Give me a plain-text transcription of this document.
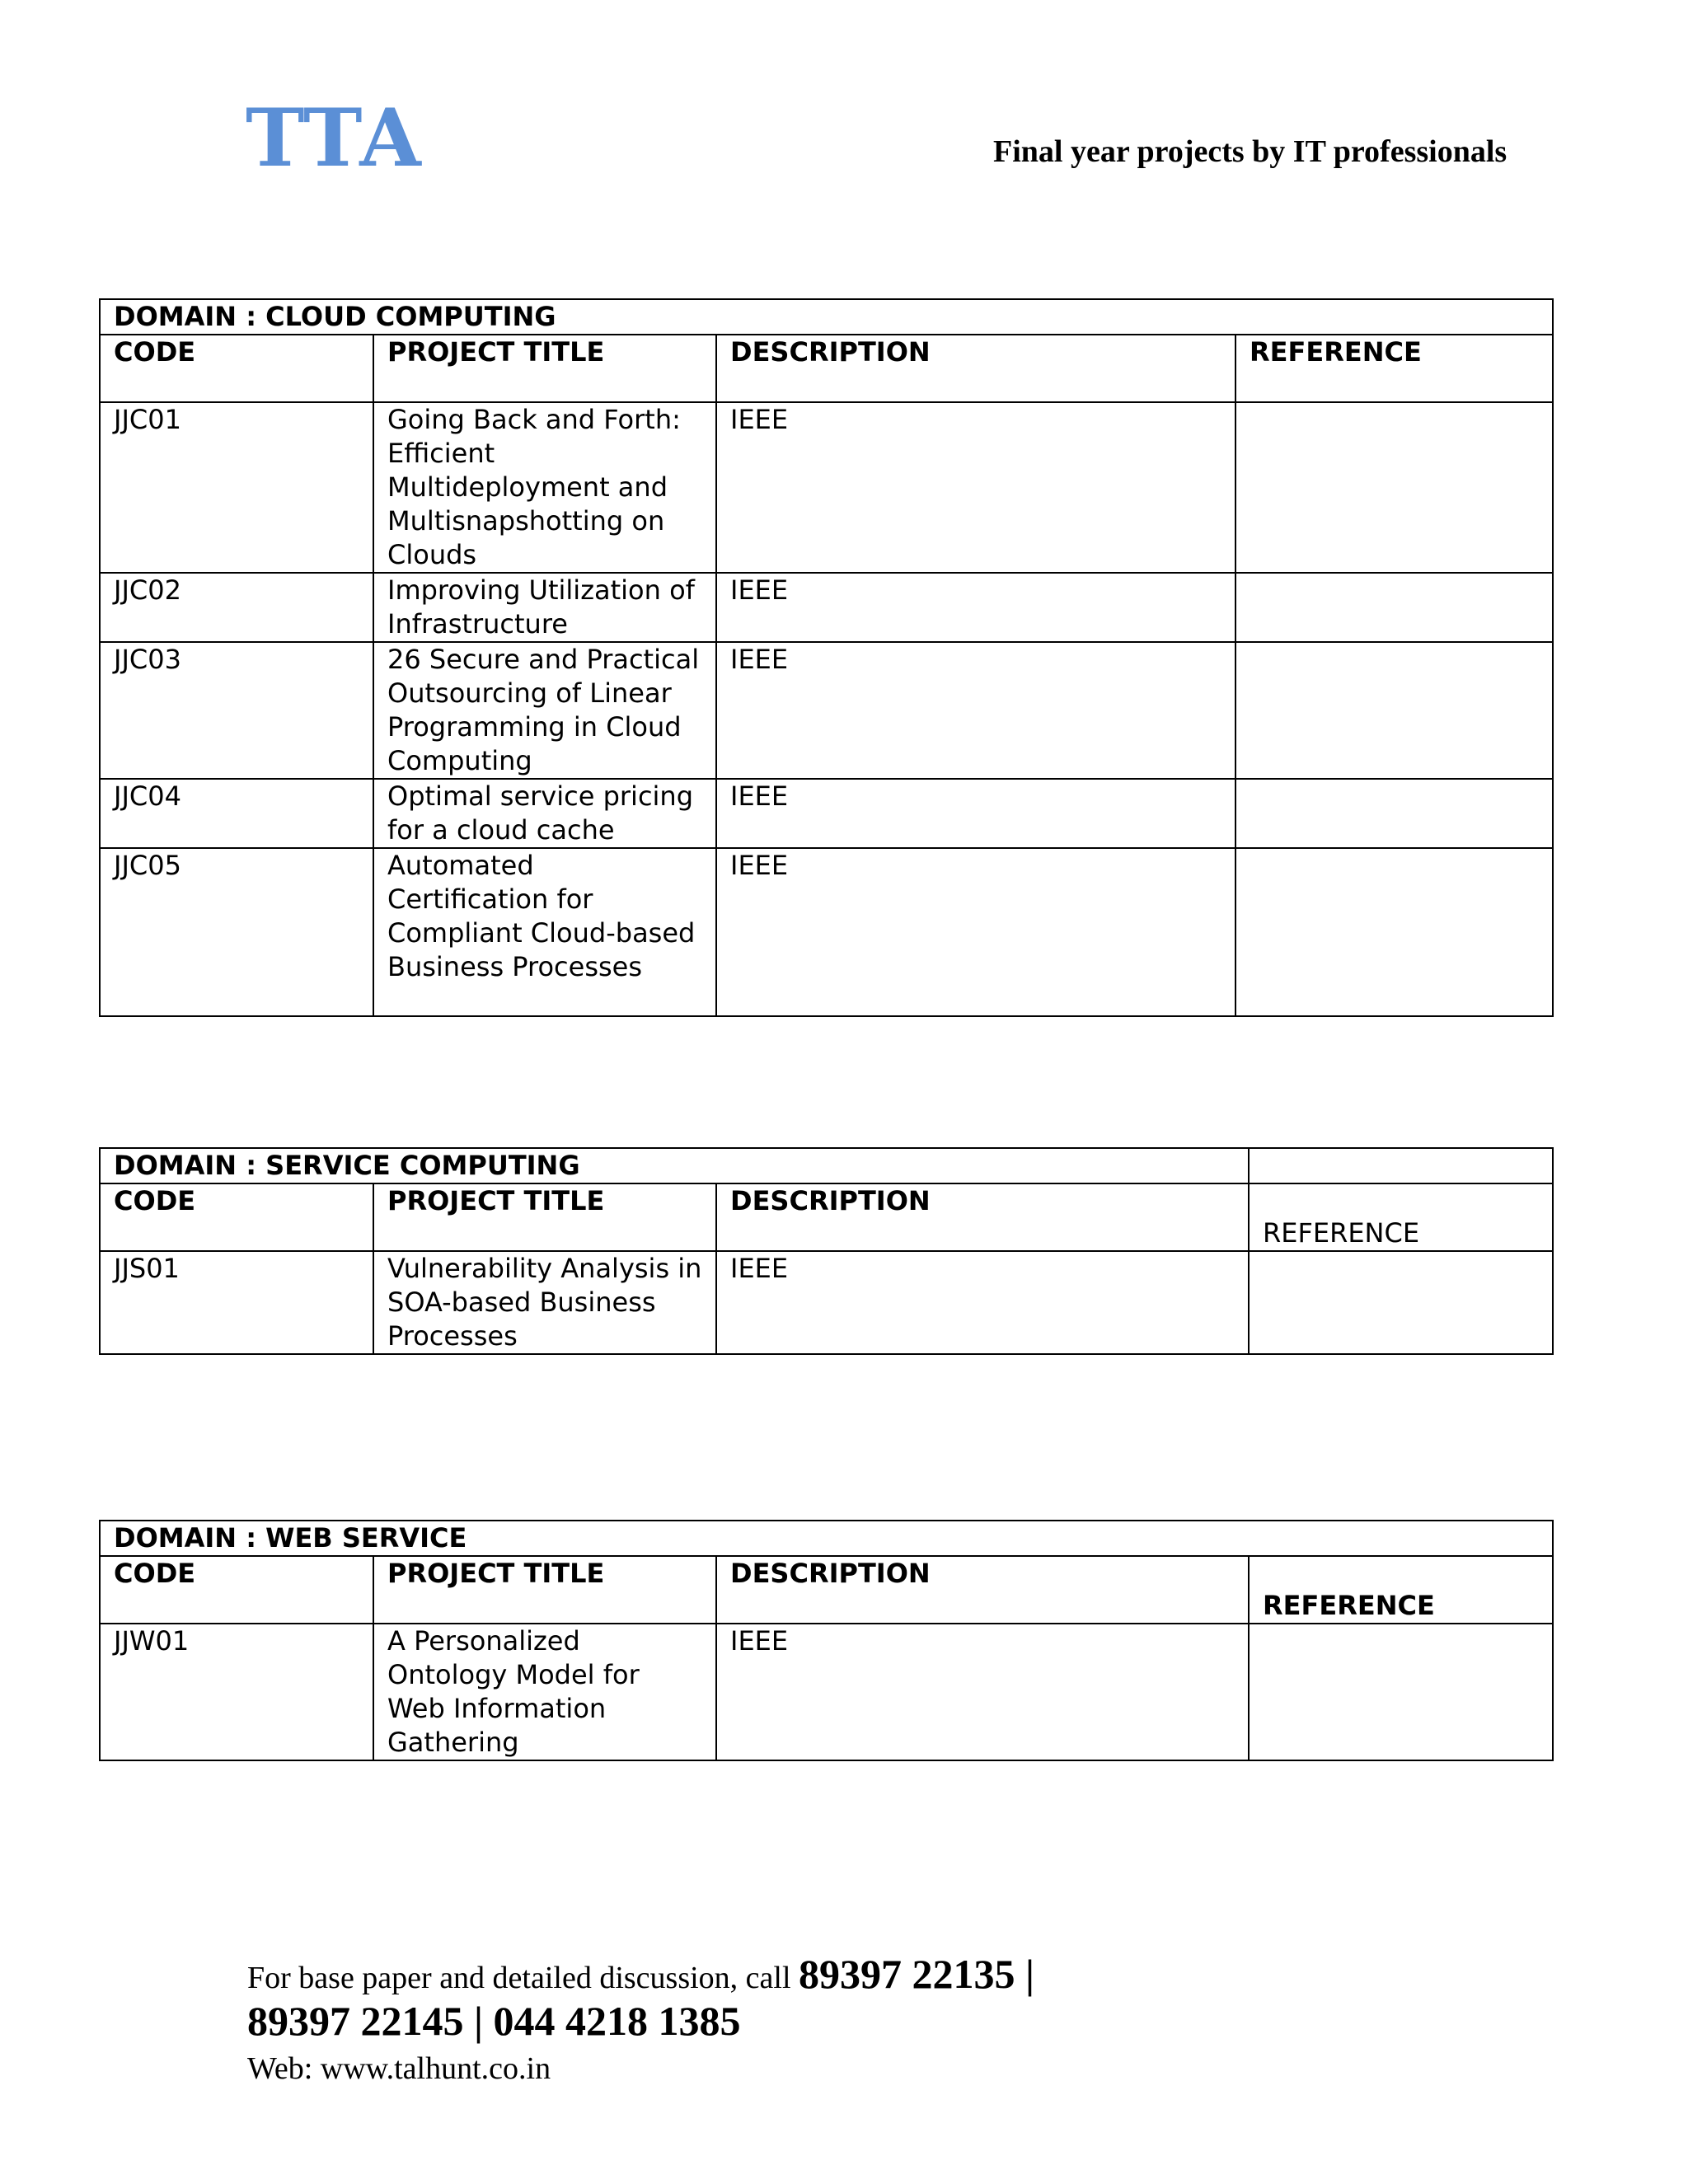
TTA	Final year projects by IT professionals
DOMAIN : CLOUD COMPUTING			
CODE	PROJECT TITLE	DESCRIPTION	REFERENCE
JJC01	Going Back and Forth: Efficient Multideployment and Multisnapshotting on Clouds	IEEE	
JJC02	Improving Utilization of Infrastructure	IEEE	
JJC03	26 Secure and Practical Outsourcing of Linear Programming in Cloud Computing	IEEE	
JJC04	Optimal service pricing for a cloud cache	IEEE	
JJC05	Automated Certification for Compliant Cloud-based Business Processes	IEEE	
DOMAIN : SERVICE COMPUTING			
CODE	PROJECT TITLE	DESCRIPTION	REFERENCE
JJS01	Vulnerability Analysis in SOA-based Business Processes	IEEE	
DOMAIN : WEB SERVICE			
CODE	PROJECT TITLE	DESCRIPTION	REFERENCE
JJW01	A Personalized Ontology Model for Web Information Gathering	IEEE	
For base paper and detailed discussion, call 89397 22135 |
89397 22145 | 044 4218 1385
Web: www.talhunt.co.in
